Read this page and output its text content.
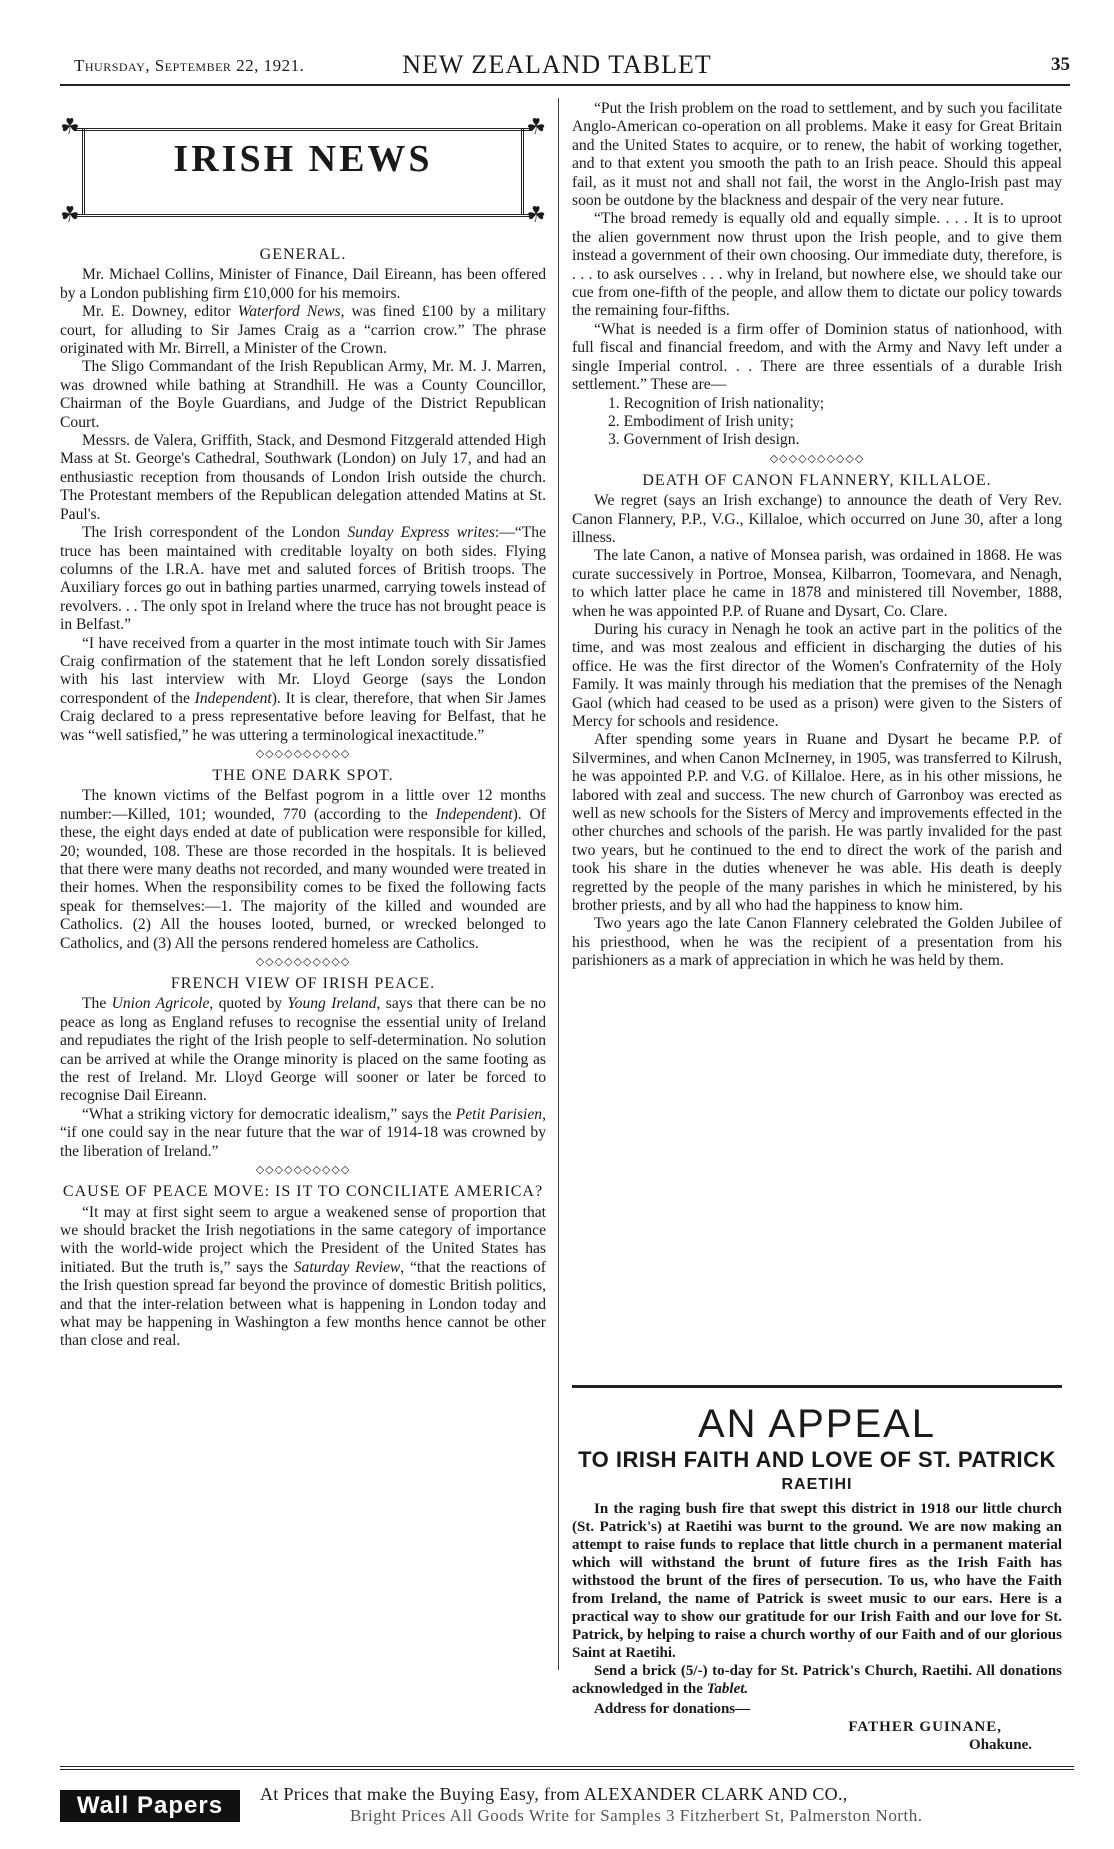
Thursday, September 22, 1921.	NEW ZEALAND TABLET	35
☘	☘
☘	☘
IRISH NEWS
GENERAL.

Mr. Michael Collins, Minister of Finance, Dail Eireann, has been offered by a London publishing firm £10,000 for his memoirs.

Mr. E. Downey, editor Waterford News, was fined £100 by a military court, for alluding to Sir James Craig as a “carrion crow.” The phrase originated with Mr. Birrell, a Minister of the Crown.

The Sligo Commandant of the Irish Republican Army, Mr. M. J. Marren, was drowned while bathing at Strandhill. He was a County Councillor, Chairman of the Boyle Guardians, and Judge of the District Republican Court.

Messrs. de Valera, Griffith, Stack, and Desmond Fitzgerald attended High Mass at St. George's Cathedral, Southwark (London) on July 17, and had an enthusiastic reception from thousands of London Irish outside the church. The Protestant members of the Republican delegation attended Matins at St. Paul's.

The Irish correspondent of the London Sunday Express writes:—“The truce has been maintained with creditable loyalty on both sides. Flying columns of the I.R.A. have met and saluted forces of British troops. The Auxiliary forces go out in bathing parties unarmed, carrying towels instead of revolvers. . . The only spot in Ireland where the truce has not brought peace is in Belfast.”

“I have received from a quarter in the most intimate touch with Sir James Craig confirmation of the statement that he left London sorely dissatisfied with his last interview with Mr. Lloyd George (says the London correspondent of the Independent). It is clear, therefore, that when Sir James Craig declared to a press representative before leaving for Belfast, that he was “well satisfied,” he was uttering a terminological inexactitude.”

◇◇◇◇◇◇◇◇◇◇
THE ONE DARK SPOT.

The known victims of the Belfast pogrom in a little over 12 months number:—Killed, 101; wounded, 770 (according to the Independent). Of these, the eight days ended at date of publication were responsible for killed, 20; wounded, 108. These are those recorded in the hospitals. It is believed that there were many deaths not recorded, and many wounded were treated in their homes. When the responsibility comes to be fixed the following facts speak for themselves:—1. The majority of the killed and wounded are Catholics. (2) All the houses looted, burned, or wrecked belonged to Catholics, and (3) All the persons rendered homeless are Catholics.

◇◇◇◇◇◇◇◇◇◇
FRENCH VIEW OF IRISH PEACE.

The Union Agricole, quoted by Young Ireland, says that there can be no peace as long as England refuses to recognise the essential unity of Ireland and repudiates the right of the Irish people to self-determination. No solution can be arrived at while the Orange minority is placed on the same footing as the rest of Ireland. Mr. Lloyd George will sooner or later be forced to recognise Dail Eireann.

“What a striking victory for democratic idealism,” says the Petit Parisien, “if one could say in the near future that the war of 1914-18 was crowned by the liberation of Ireland.”

◇◇◇◇◇◇◇◇◇◇
CAUSE OF PEACE MOVE: IS IT TO CONCILIATE AMERICA?

“It may at first sight seem to argue a weakened sense of proportion that we should bracket the Irish negotiations in the same category of importance with the world-wide project which the President of the United States has initiated. But the truth is,” says the Saturday Review, “that the reactions of the Irish question spread far beyond the province of domestic British politics, and that the inter-relation between what is happening in London today and what may be happening in Washington a few months hence cannot be other than close and real.

“Put the Irish problem on the road to settlement, and by such you facilitate Anglo-American co-operation on all problems. Make it easy for Great Britain and the United States to acquire, or to renew, the habit of working together, and to that extent you smooth the path to an Irish peace. Should this appeal fail, as it must not and shall not fail, the worst in the Anglo-Irish past may soon be outdone by the blackness and despair of the very near future.

“The broad remedy is equally old and equally simple. . . . It is to uproot the alien government now thrust upon the Irish people, and to give them instead a government of their own choosing. Our immediate duty, therefore, is . . . to ask ourselves . . . why in Ireland, but nowhere else, we should take our cue from one-fifth of the people, and allow them to dictate our policy towards the remaining four-fifths.

“What is needed is a firm offer of Dominion status of nationhood, with full fiscal and financial freedom, and with the Army and Navy left under a single Imperial control. . . There are three essentials of a durable Irish settlement.” These are—

1. Recognition of Irish nationality;
2. Embodiment of Irish unity;
3. Government of Irish design.
◇◇◇◇◇◇◇◇◇◇
DEATH OF CANON FLANNERY, KILLALOE.

We regret (says an Irish exchange) to announce the death of Very Rev. Canon Flannery, P.P., V.G., Killaloe, which occurred on June 30, after a long illness.

The late Canon, a native of Monsea parish, was ordained in 1868. He was curate successively in Portroe, Monsea, Kilbarron, Toomevara, and Nenagh, to which latter place he came in 1878 and ministered till November, 1888, when he was appointed P.P. of Ruane and Dysart, Co. Clare.

During his curacy in Nenagh he took an active part in the politics of the time, and was most zealous and efficient in discharging the duties of his office. He was the first director of the Women's Confraternity of the Holy Family. It was mainly through his mediation that the premises of the Nenagh Gaol (which had ceased to be used as a prison) were given to the Sisters of Mercy for schools and residence.

After spending some years in Ruane and Dysart he became P.P. of Silvermines, and when Canon McInerney, in 1905, was transferred to Kilrush, he was appointed P.P. and V.G. of Killaloe. Here, as in his other missions, he labored with zeal and success. The new church of Garronboy was erected as well as new schools for the Sisters of Mercy and improvements effected in the other churches and schools of the parish. He was partly invalided for the past two years, but he continued to the end to direct the work of the parish and took his share in the duties whenever he was able. His death is deeply regretted by the people of the many parishes in which he ministered, by his brother priests, and by all who had the happiness to know him.

Two years ago the late Canon Flannery celebrated the Golden Jubilee of his priesthood, when he was the recipient of a presentation from his parishioners as a mark of appreciation in which he was held by them.

AN APPEAL
TO IRISH FAITH AND LOVE OF ST. PATRICK
RAETIHI

In the raging bush fire that swept this district in 1918 our little church (St. Patrick's) at Raetihi was burnt to the ground. We are now making an attempt to raise funds to replace that little church in a permanent material which will withstand the brunt of future fires as the Irish Faith has withstood the brunt of the fires of persecution. To us, who have the Faith from Ireland, the name of Patrick is sweet music to our ears. Here is a practical way to show our gratitude for our Irish Faith and our love for St. Patrick, by helping to raise a church worthy of our Faith and of our glorious Saint at Raetihi.

Send a brick (5/-) to-day for St. Patrick's Church, Raetihi. All donations acknowledged in the Tablet.

Address for donations—
FATHER GUINANE,
Ohakune.
Wall Papers	At Prices that make the Buying Easy, from ALEXANDER CLARK AND CO.,
Bright Prices All Goods Write for Samples 3 Fitzherbert St, Palmerston North.
